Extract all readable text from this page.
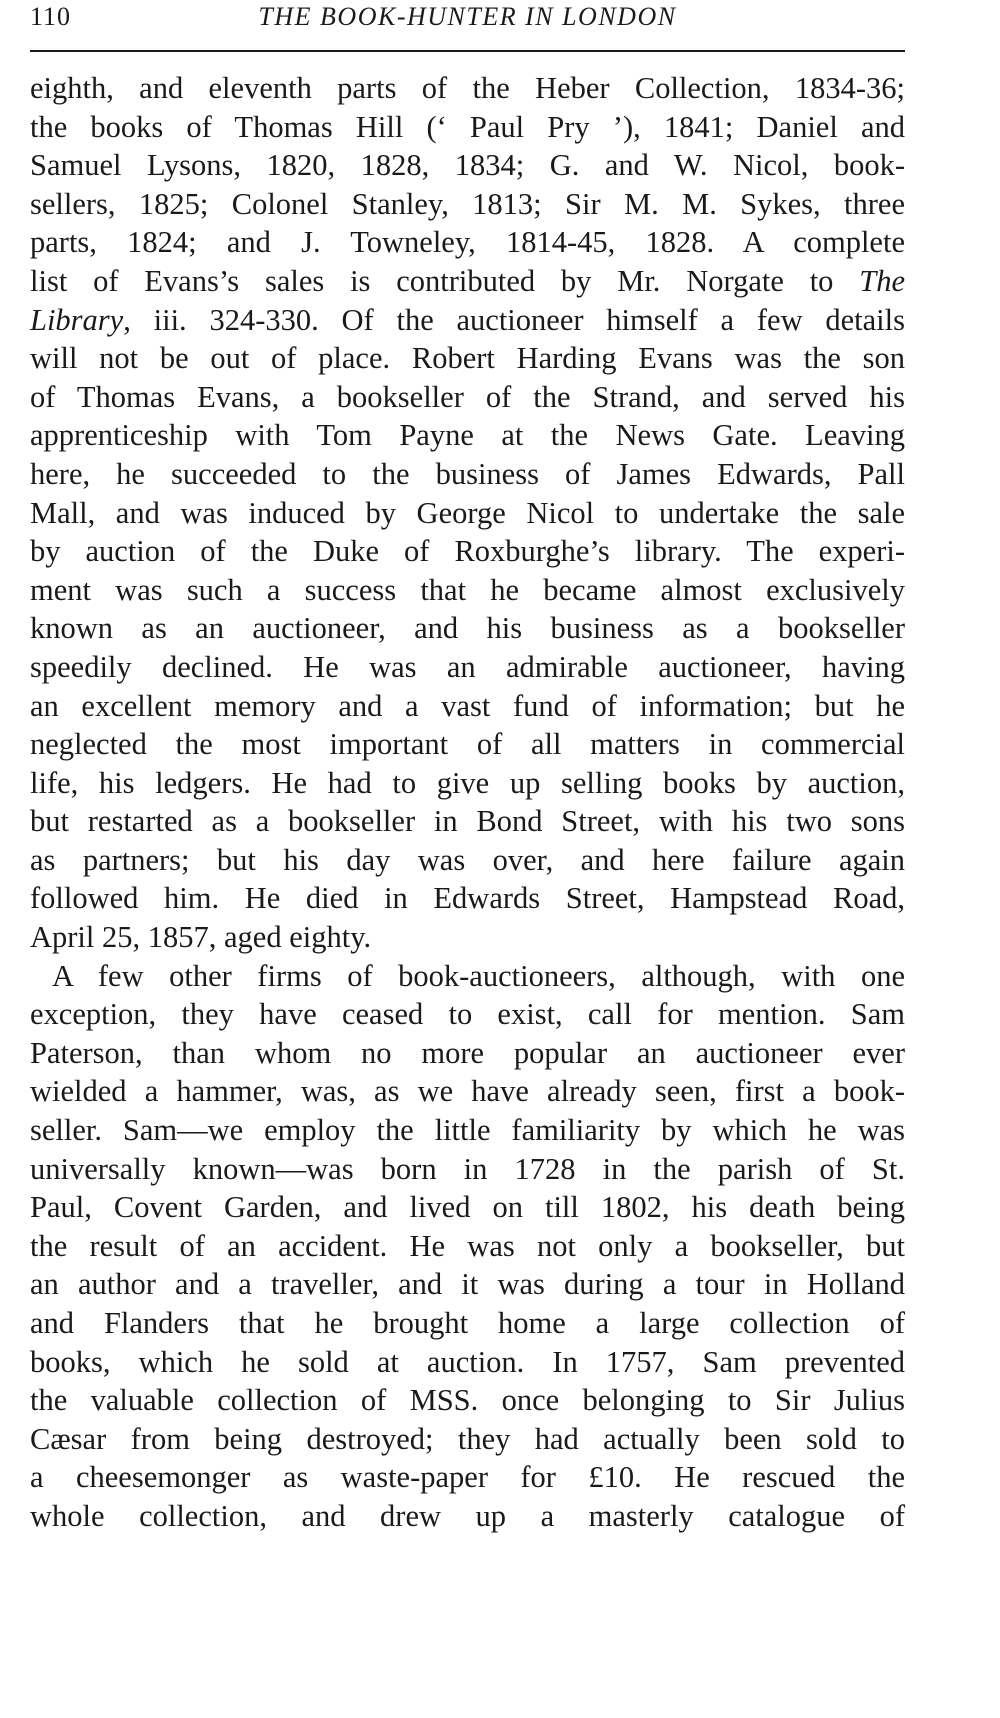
110	THE BOOK-HUNTER IN LONDON
eighth, and eleventh parts of the Heber Collection, 1834-36;
the books of Thomas Hill (‘ Paul Pry ’), 1841; Daniel and
Samuel Lysons, 1820, 1828, 1834; G. and W. Nicol, book-
sellers, 1825; Colonel Stanley, 1813; Sir M. M. Sykes, three
parts, 1824; and J. Towneley, 1814-45, 1828. A complete
list of Evans’s sales is contributed by Mr. Norgate to The
Library, iii. 324-330. Of the auctioneer himself a few details
will not be out of place. Robert Harding Evans was the son
of Thomas Evans, a bookseller of the Strand, and served his
apprenticeship with Tom Payne at the News Gate. Leaving
here, he succeeded to the business of James Edwards, Pall
Mall, and was induced by George Nicol to undertake the sale
by auction of the Duke of Roxburghe’s library. The experi-
ment was such a success that he became almost exclusively
known as an auctioneer, and his business as a bookseller
speedily declined. He was an admirable auctioneer, having
an excellent memory and a vast fund of information; but he
neglected the most important of all matters in commercial
life, his ledgers. He had to give up selling books by auction,
but restarted as a bookseller in Bond Street, with his two sons
as partners; but his day was over, and here failure again
followed him. He died in Edwards Street, Hampstead Road,
April 25, 1857, aged eighty.
A few other firms of book-auctioneers, although, with one
exception, they have ceased to exist, call for mention. Sam
Paterson, than whom no more popular an auctioneer ever
wielded a hammer, was, as we have already seen, first a book-
seller. Sam—we employ the little familiarity by which he was
universally known—was born in 1728 in the parish of St.
Paul, Covent Garden, and lived on till 1802, his death being
the result of an accident. He was not only a bookseller, but
an author and a traveller, and it was during a tour in Holland
and Flanders that he brought home a large collection of
books, which he sold at auction. In 1757, Sam prevented
the valuable collection of MSS. once belonging to Sir Julius
Cæsar from being destroyed; they had actually been sold to
a cheesemonger as waste-paper for £10. He rescued the
whole collection, and drew up a masterly catalogue of
